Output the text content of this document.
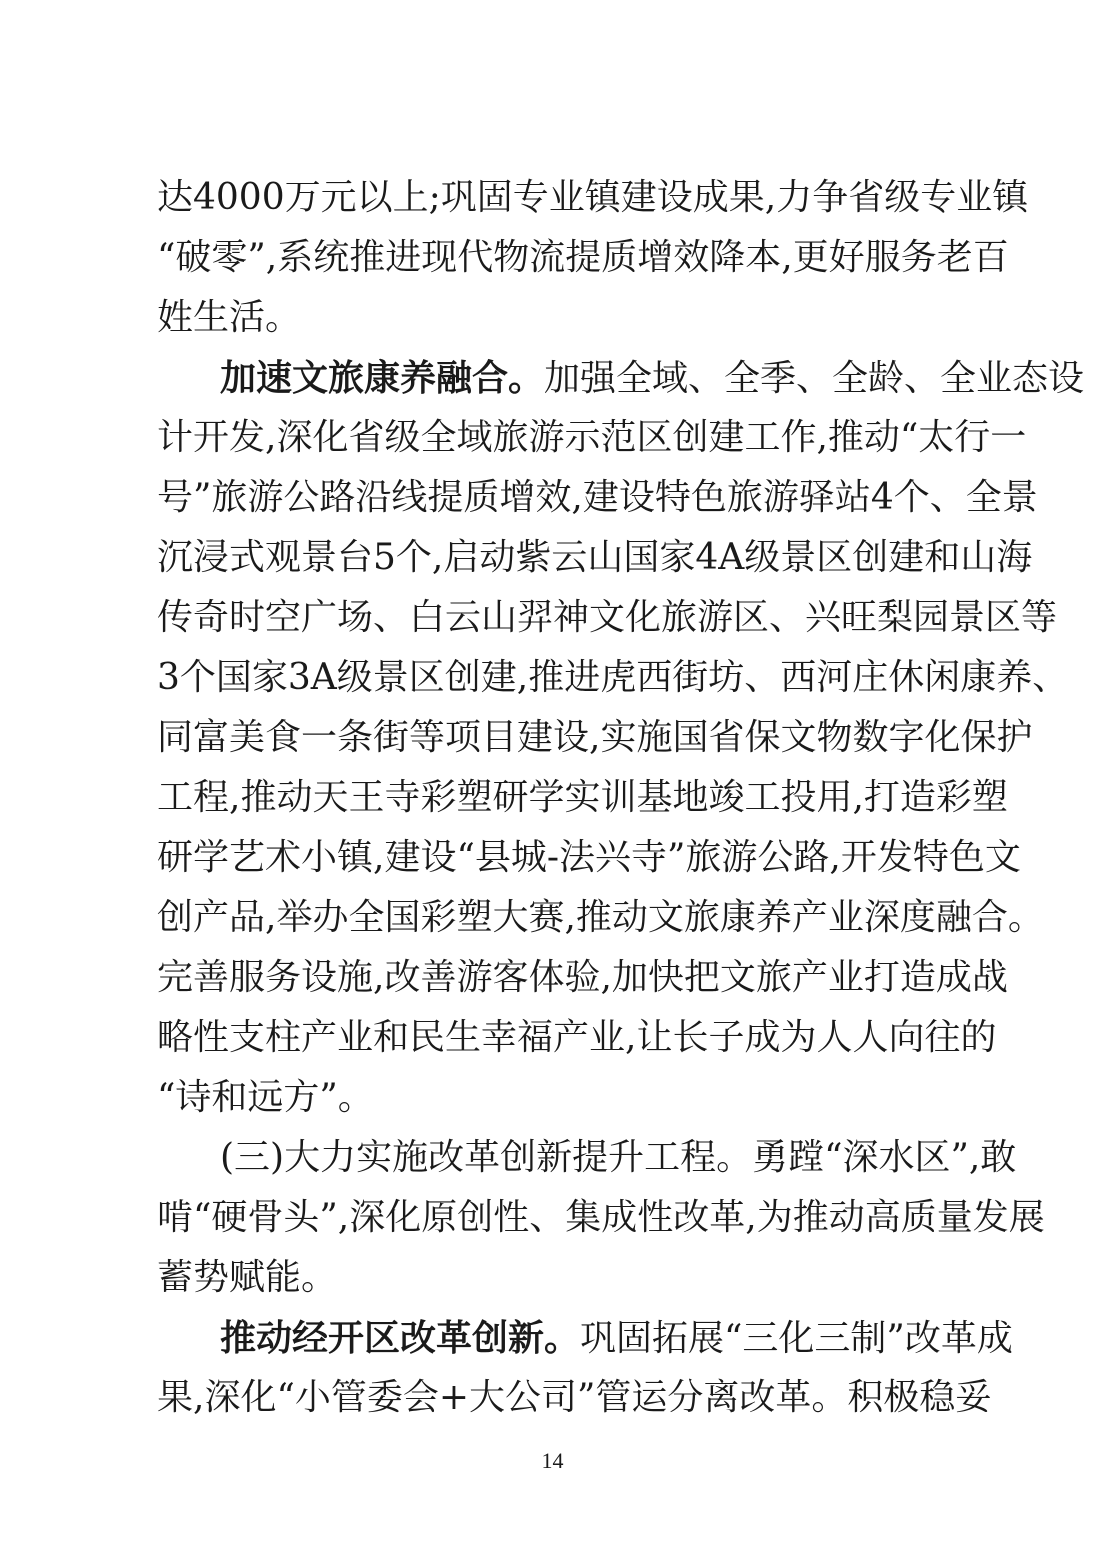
达4000万元以上;巩固专业镇建设成果,力争省级专业镇
“破零”,系统推进现代物流提质增效降本,更好服务老百
姓生活。
加速文旅康养融合。加强全域、全季、全龄、全业态设
计开发,深化省级全域旅游示范区创建工作,推动“太行一
号”旅游公路沿线提质增效,建设特色旅游驿站4个、全景
沉浸式观景台5个,启动紫云山国家4A级景区创建和山海
传奇时空广场、白云山羿神文化旅游区、兴旺梨园景区等
3个国家3A级景区创建,推进虎西街坊、西河庄休闲康养、
同富美食一条街等项目建设,实施国省保文物数字化保护
工程,推动天王寺彩塑研学实训基地竣工投用,打造彩塑
研学艺术小镇,建设“县城-法兴寺”旅游公路,开发特色文
创产品,举办全国彩塑大赛,推动文旅康养产业深度融合。
完善服务设施,改善游客体验,加快把文旅产业打造成战
略性支柱产业和民生幸福产业,让长子成为人人向往的
“诗和远方”。
(三)大力实施改革创新提升工程。勇蹚“深水区”,敢
啃“硬骨头”,深化原创性、集成性改革,为推动高质量发展
蓄势赋能。
推动经开区改革创新。巩固拓展“三化三制”改革成
果,深化“小管委会+大公司”管运分离改革。积极稳妥
14
